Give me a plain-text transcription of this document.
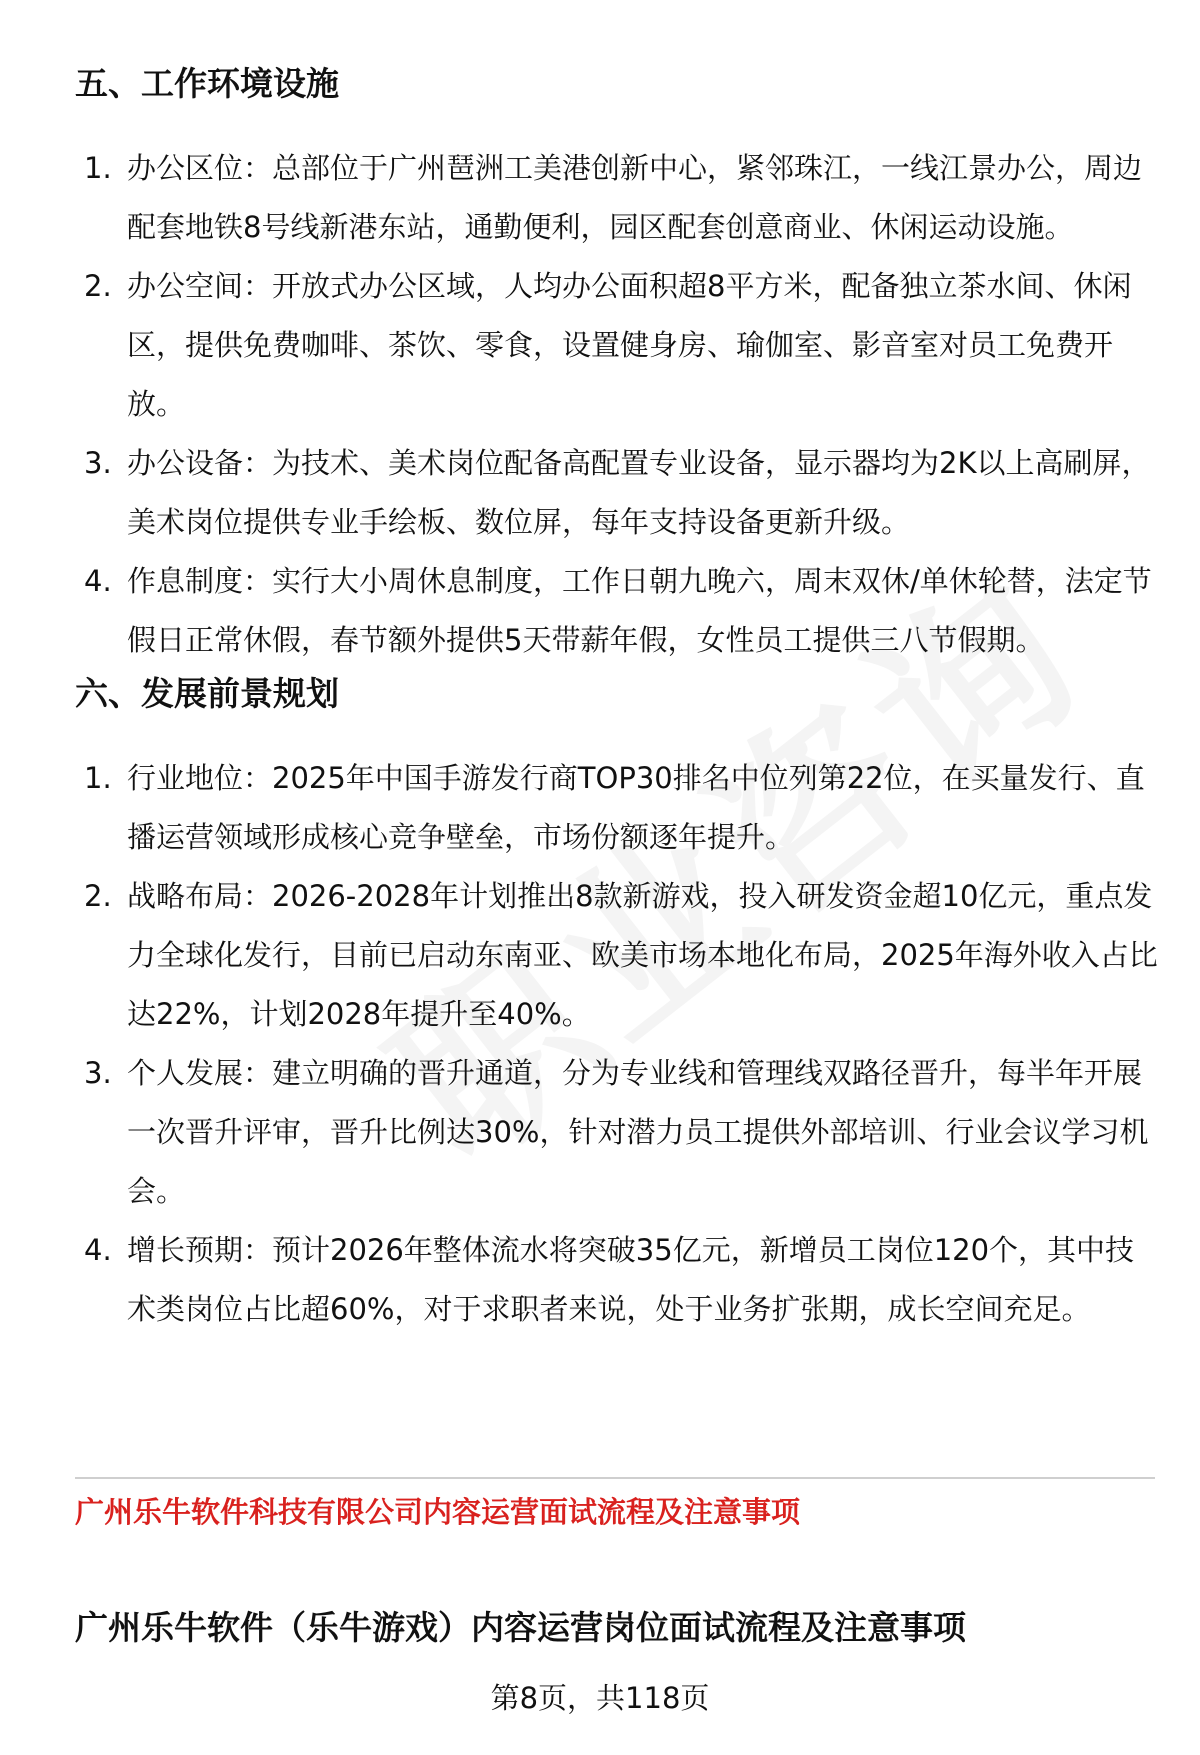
五、工作环境设施
1. 办公区位：总部位于广州琶洲工美港创新中心，紧邻珠江，一线江景办公，周边配套地铁8号线新港东站，通勤便利，园区配套创意商业、休闲运动设施。
2. 办公空间：开放式办公区域，人均办公面积超8平方米，配备独立茶水间、休闲区，提供免费咖啡、茶饮、零食，设置健身房、瑜伽室、影音室对员工免费开放。
3. 办公设备：为技术、美术岗位配备高配置专业设备，显示器均为2K以上高刷屏，美术岗位提供专业手绘板、数位屏，每年支持设备更新升级。
4. 作息制度：实行大小周休息制度，工作日朝九晚六，周末双休/单休轮替，法定节假日正常休假，春节额外提供5天带薪年假，女性员工提供三八节假期。
六、发展前景规划
1. 行业地位：2025年中国手游发行商TOP30排名中位列第22位，在买量发行、直播运营领域形成核心竞争壁垒，市场份额逐年提升。
2. 战略布局：2026-2028年计划推出8款新游戏，投入研发资金超10亿元，重点发力全球化发行，目前已启动东南亚、欧美市场本地化布局，2025年海外收入占比达22%，计划2028年提升至40%。
3. 个人发展：建立明确的晋升通道，分为专业线和管理线双路径晋升，每半年开展一次晋升评审，晋升比例达30%，针对潜力员工提供外部培训、行业会议学习机会。
4. 增长预期：预计2026年整体流水将突破35亿元，新增员工岗位120个，其中技术类岗位占比超60%，对于求职者来说，处于业务扩张期，成长空间充足。
广州乐牛软件科技有限公司内容运营面试流程及注意事项
广州乐牛软件（乐牛游戏）内容运营岗位面试流程及注意事项
第8页，共118页
